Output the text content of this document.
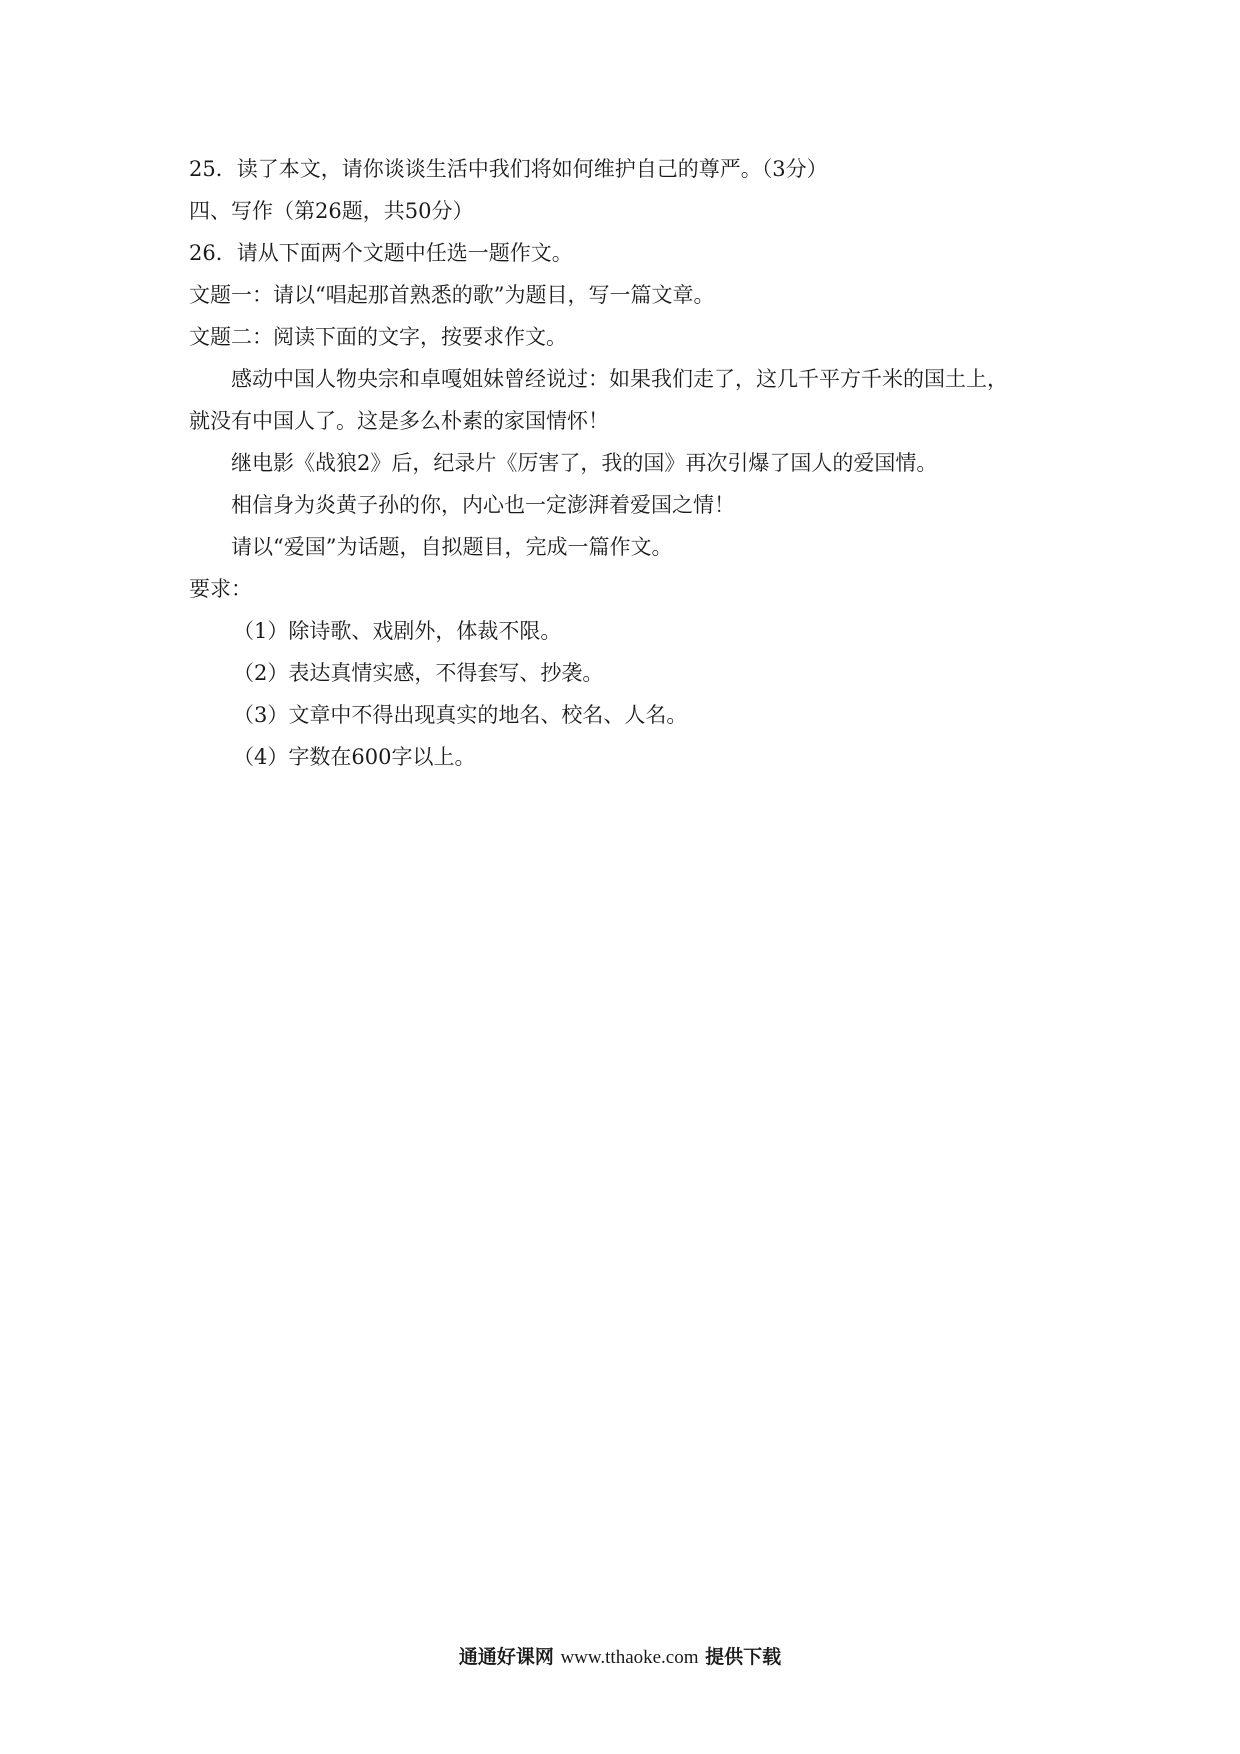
25．读了本文，请你谈谈生活中我们将如何维护自己的尊严。（3分）
四、写作（第26题，共50分）
26．请从下面两个文题中任选一题作文。
文题一：请以“唱起那首熟悉的歌”为题目，写一篇文章。
文题二：阅读下面的文字，按要求作文。
感动中国人物央宗和卓嘎姐妹曾经说过：如果我们走了，这几千平方千米的国土上，
就没有中国人了。这是多么朴素的家国情怀！
继电影《战狼2》后，纪录片《厉害了，我的国》再次引爆了国人的爱国情。
相信身为炎黄子孙的你，内心也一定澎湃着爱国之情！
请以“爱国”为话题，自拟题目，完成一篇作文。
要求：
（1）除诗歌、戏剧外，体裁不限。
（2）表达真情实感，不得套写、抄袭。
（3）文章中不得出现真实的地名、校名、人名。
（4）字数在600字以上。
通通好课网 www.tthaoke.com 提供下载
